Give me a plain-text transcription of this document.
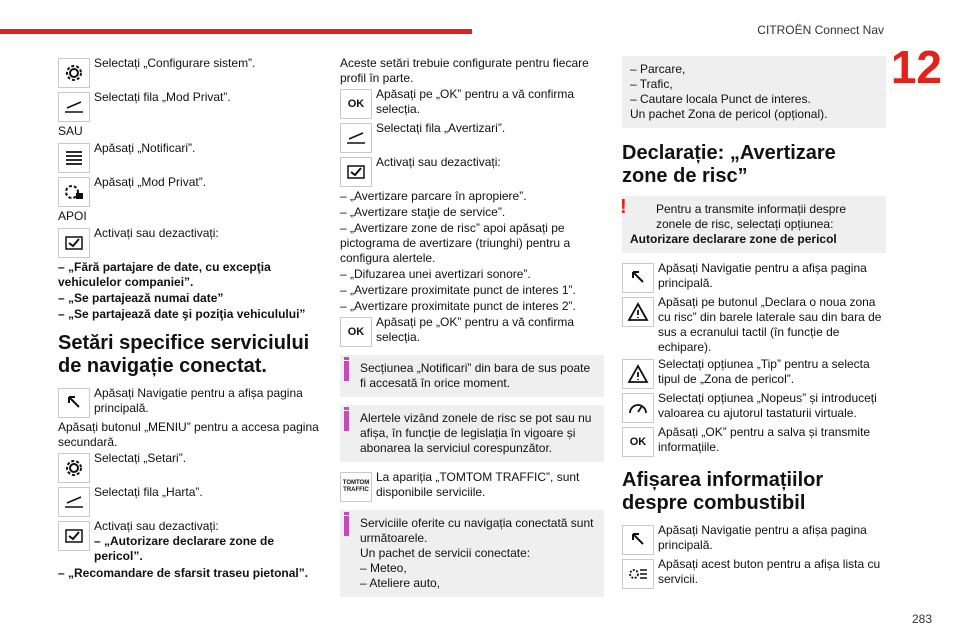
CITROËN Connect Nav
12
283
Selectați „Configurare sistem”.
Selectați fila „Mod Privat”.
SAU
Apăsați „Notificari”.
Apăsați „Mod Privat”.
APOI
Activați sau dezactivați:
– „Fără partajare de date, cu excepţia vehiculelor companiei”.
– „Se partajează numai date”
– „Se partajează date şi poziţia vehiculului”
Setări specifice serviciului de navigație conectat.
Apăsați Navigatie pentru a afișa pagina principală.
Apăsați butonul „MENIU” pentru a accesa pagina secundară.
Selectați „Setari”.
Selectați fila „Harta”.
Activați sau dezactivați:
– „Autorizare declarare zone de pericol”.
– „Recomandare de sfarsit traseu pietonal”.
Aceste setări trebuie configurate pentru fiecare profil în parte.
OK
Apăsați pe „OK” pentru a vă confirma selecția.
Selectați fila „Avertizari”.
Activați sau dezactivați:
– „Avertizare parcare în apropiere”.
– „Avertizare staţie de service”.
– „Avertizare zone de risc” apoi apăsați pe pictograma de avertizare (triunghi) pentru a configura alertele.
– „Difuzarea unei avertizari sonore”.
– „Avertizare proximitate punct de interes 1”.
– „Avertizare proximitate punct de interes 2”.
OK
Apăsați pe „OK” pentru a vă confirma selecția.
Secțiunea „Notificari” din bara de sus poate fi accesată în orice moment.
Alertele vizând zonele de risc se pot sau nu afișa, în funcție de legislația în vigoare și abonarea la serviciul corespunzător.
TOMTOM TRAFFIC
La apariția „TOMTOM TRAFFIC”, sunt disponibile serviciile.
Serviciile oferite cu navigația conectată sunt următoarele.
Un pachet de servicii conectate:
– Meteo,
– Ateliere auto,
– Parcare,
– Trafic,
– Cautare locala Punct de interes.
Un pachet Zona de pericol (opțional).
Declarație: „Avertizare zone de risc”
!	Pentru a transmite informații despre zonele de risc, selectați opțiunea:
Autorizare declarare zone de pericol
Apăsați Navigatie pentru a afișa pagina principală.
Apăsați pe butonul „Declara o noua zona cu risc” din barele laterale sau din bara de sus a ecranului tactil (în funcție de echipare).
Selectați opțiunea „Tip” pentru a selecta tipul de „Zona de pericol”.
Selectați opțiunea „Nopeus” și introduceți valoarea cu ajutorul tastaturii virtuale.
OK
Apăsați „OK” pentru a salva și transmite informațiile.
Afișarea informațiilor despre combustibil
Apăsați Navigatie pentru a afișa pagina principală.
Apăsați acest buton pentru a afișa lista cu servicii.
